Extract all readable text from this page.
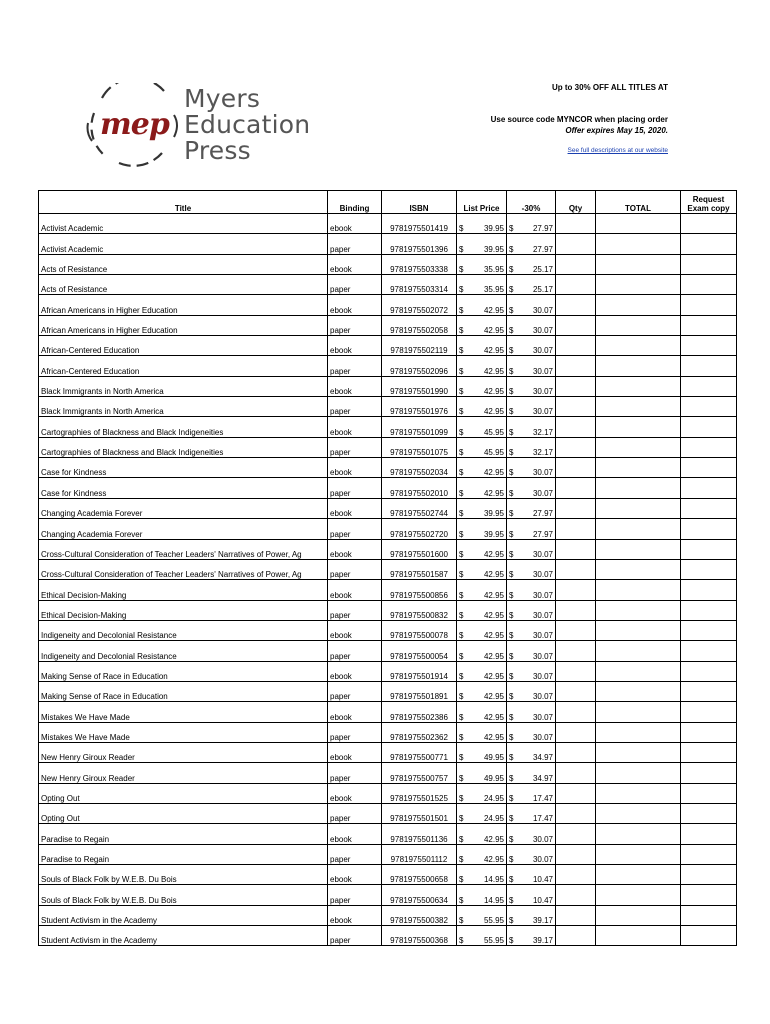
mep
Myers
Education
Press
Up to 30% OFF ALL TITLES AT
Use source code MYNCOR when placing order
Offer expires May 15, 2020.
See full descriptions at our website
Title	Binding	ISBN	List Price	-30%	Qty	TOTAL	Request
Exam copy
Activist Academic	ebook	9781975501419	$ 39.95	$ 27.97			

Activist Academic	paper	9781975501396	$ 39.95	$ 27.97			

Acts of Resistance	ebook	9781975503338	$ 35.95	$ 25.17			

Acts of Resistance	paper	9781975503314	$ 35.95	$ 25.17			

African Americans in Higher Education	ebook	9781975502072	$ 42.95	$ 30.07			

African Americans in Higher Education	paper	9781975502058	$ 42.95	$ 30.07			

African-Centered Education	ebook	9781975502119	$ 42.95	$ 30.07			

African-Centered Education	paper	9781975502096	$ 42.95	$ 30.07			

Black Immigrants in North America	ebook	9781975501990	$ 42.95	$ 30.07			

Black Immigrants in North America	paper	9781975501976	$ 42.95	$ 30.07			

Cartographies of Blackness and Black Indigeneities	ebook	9781975501099	$ 45.95	$ 32.17			

Cartographies of Blackness and Black Indigeneities	paper	9781975501075	$ 45.95	$ 32.17			

Case for Kindness	ebook	9781975502034	$ 42.95	$ 30.07			

Case for Kindness	paper	9781975502010	$ 42.95	$ 30.07			

Changing Academia Forever	ebook	9781975502744	$ 39.95	$ 27.97			

Changing Academia Forever	paper	9781975502720	$ 39.95	$ 27.97			

Cross-Cultural Consideration of Teacher Leaders' Narratives of Power, Ag	ebook	9781975501600	$ 42.95	$ 30.07			

Cross-Cultural Consideration of Teacher Leaders' Narratives of Power, Ag	paper	9781975501587	$ 42.95	$ 30.07			

Ethical Decision-Making	ebook	9781975500856	$ 42.95	$ 30.07			

Ethical Decision-Making	paper	9781975500832	$ 42.95	$ 30.07			

Indigeneity and Decolonial Resistance	ebook	9781975500078	$ 42.95	$ 30.07			

Indigeneity and Decolonial Resistance	paper	9781975500054	$ 42.95	$ 30.07			

Making Sense of Race in Education	ebook	9781975501914	$ 42.95	$ 30.07			

Making Sense of Race in Education	paper	9781975501891	$ 42.95	$ 30.07			

Mistakes We Have Made	ebook	9781975502386	$ 42.95	$ 30.07			

Mistakes We Have Made	paper	9781975502362	$ 42.95	$ 30.07			

New Henry Giroux Reader	ebook	9781975500771	$ 49.95	$ 34.97			

New Henry Giroux Reader	paper	9781975500757	$ 49.95	$ 34.97			

Opting Out	ebook	9781975501525	$ 24.95	$ 17.47			

Opting Out	paper	9781975501501	$ 24.95	$ 17.47			

Paradise to Regain	ebook	9781975501136	$ 42.95	$ 30.07			

Paradise to Regain	paper	9781975501112	$ 42.95	$ 30.07			

Souls of Black Folk by W.E.B. Du Bois	ebook	9781975500658	$ 14.95	$ 10.47			

Souls of Black Folk by W.E.B. Du Bois	paper	9781975500634	$ 14.95	$ 10.47			

Student Activism in the Academy	ebook	9781975500382	$ 55.95	$ 39.17			

Student Activism in the Academy	paper	9781975500368	$ 55.95	$ 39.17			
